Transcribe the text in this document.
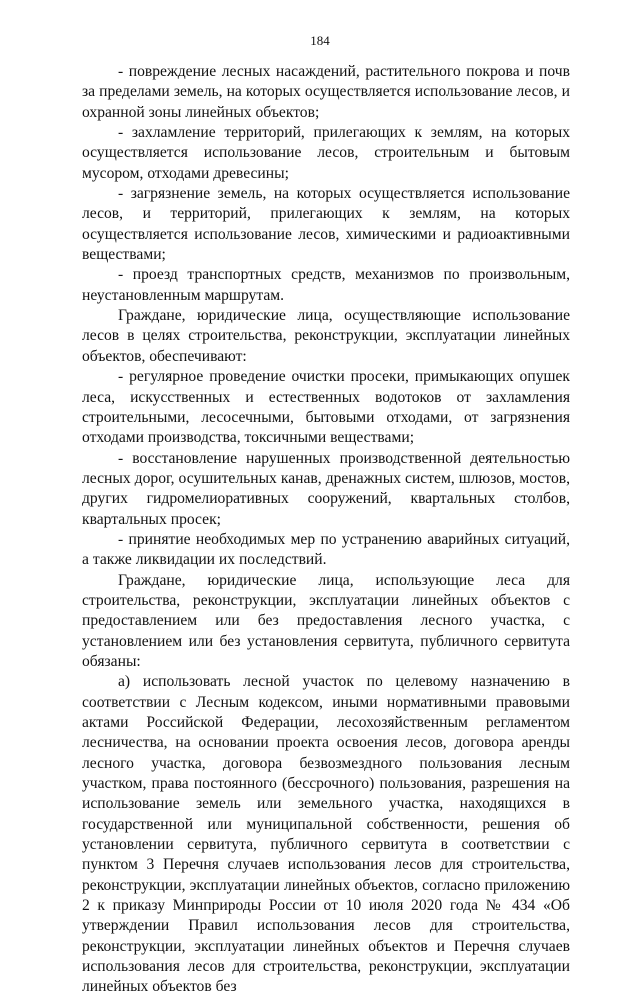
184

- повреждение лесных насаждений, растительного покрова и почв за пределами земель, на которых осуществляется использование лесов, и охранной зоны линейных объектов;

- захламление территорий, прилегающих к землям, на которых осуществляется использование лесов, строительным и бытовым мусором, отходами древесины;

- загрязнение земель, на которых осуществляется использование лесов, и территорий, прилегающих к землям, на которых осуществляется использование лесов, химическими и радиоактивными веществами;

- проезд транспортных средств, механизмов по произвольным, неустановленным маршрутам.

Граждане, юридические лица, осуществляющие использование лесов в целях строительства, реконструкции, эксплуатации линейных объектов, обеспечивают:

- регулярное проведение очистки просеки, примыкающих опушек леса, искусственных и естественных водотоков от захламления строительными, лесосечными, бытовыми отходами, от загрязнения отходами производства, токсичными веществами;

- восстановление нарушенных производственной деятельностью лесных дорог, осушительных канав, дренажных систем, шлюзов, мостов, других гидромелиоративных сооружений, квартальных столбов, квартальных просек;

- принятие необходимых мер по устранению аварийных ситуаций, а также ликвидации их последствий.

Граждане, юридические лица, использующие леса для строительства, реконструкции, эксплуатации линейных объектов с предоставлением или без предоставления лесного участка, с установлением или без установления сервитута, публичного сервитута обязаны:

а) использовать лесной участок по целевому назначению в соответствии с Лесным кодексом, иными нормативными правовыми актами Российской Федерации, лесохозяйственным регламентом лесничества, на основании проекта освоения лесов, договора аренды лесного участка, договора безвозмездного пользования лесным участком, права постоянного (бессрочного) пользования, разрешения на использование земель или земельного участка, находящихся в государственной или муниципальной собственности, решения об установлении сервитута, публичного сервитута в соответствии с пунктом 3 Перечня случаев использования лесов для строительства, реконструкции, эксплуатации линейных объектов, согласно приложению 2 к приказу Минприроды России от 10 июля 2020 года № 434 «Об утверждении Правил использования лесов для строительства, реконструкции, эксплуатации линейных объектов и Перечня случаев использования лесов для строительства, реконструкции, эксплуатации линейных объектов без
